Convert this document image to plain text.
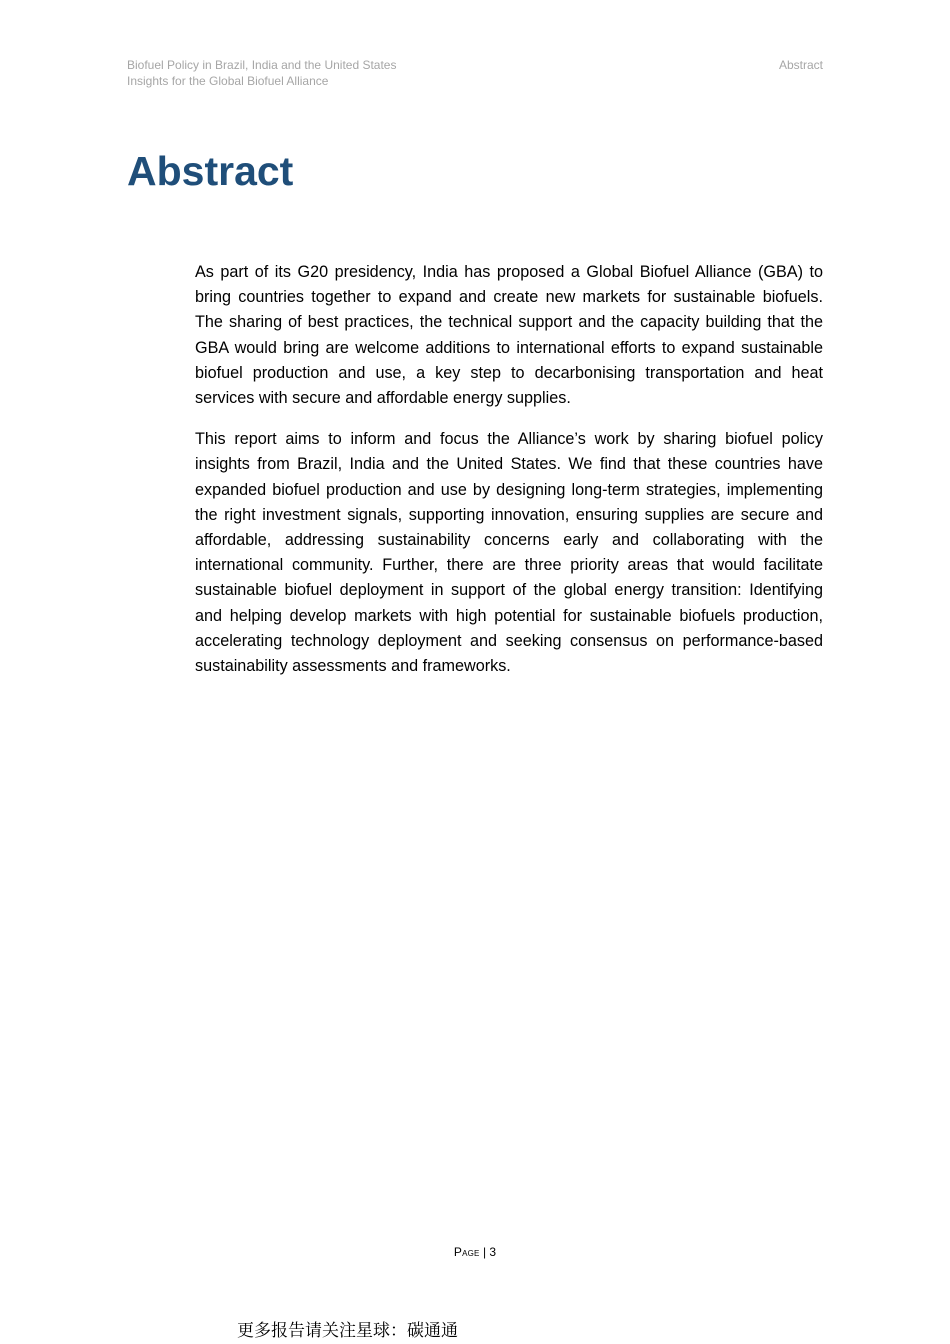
Biofuel Policy in Brazil, India and the United States
Insights for the Global Biofuel Alliance
Abstract
Abstract

As part of its G20 presidency, India has proposed a Global Biofuel Alliance (GBA) to bring countries together to expand and create new markets for sustainable biofuels. The sharing of best practices, the technical support and the capacity building that the GBA would bring are welcome additions to international efforts to expand sustainable biofuel production and use, a key step to decarbonising transportation and heat services with secure and affordable energy supplies.

This report aims to inform and focus the Alliance’s work by sharing biofuel policy insights from Brazil, India and the United States. We find that these countries have expanded biofuel production and use by designing long-term strategies, implementing the right investment signals, supporting innovation, ensuring supplies are secure and affordable, addressing sustainability concerns early and collaborating with the international community. Further, there are three priority areas that would facilitate sustainable biofuel deployment in support of the global energy transition: Identifying and helping develop markets with high potential for sustainable biofuels production, accelerating technology deployment and seeking consensus on performance-based sustainability assessments and frameworks.

Page | 3
更多报告请关注星球：碳通通
